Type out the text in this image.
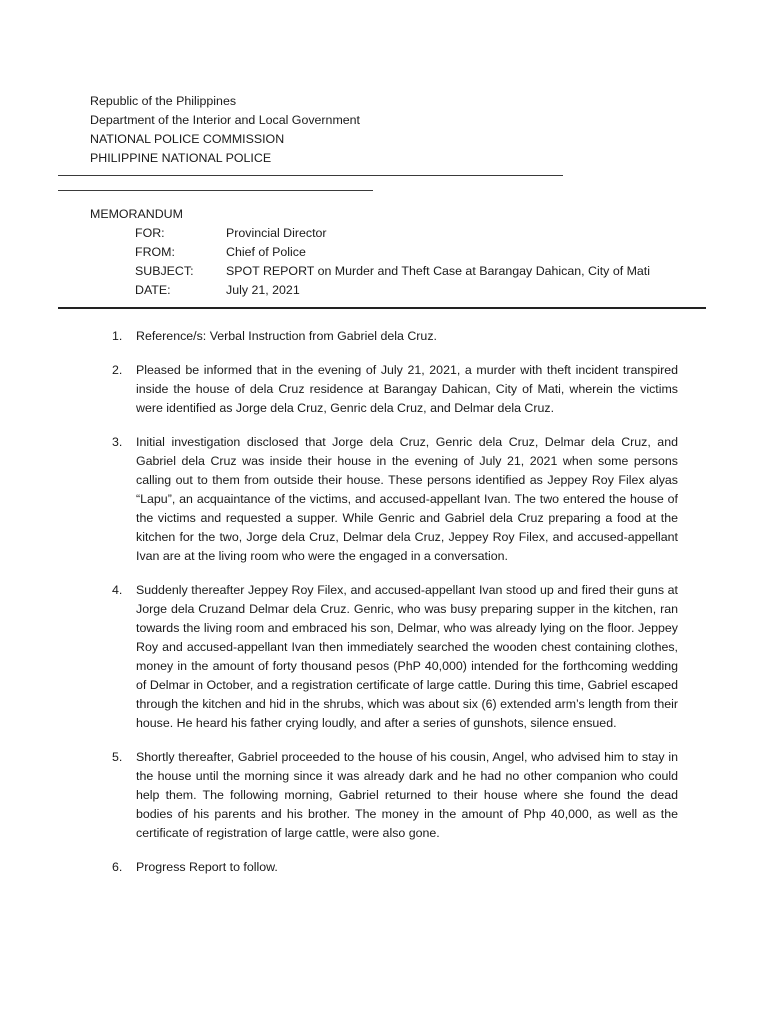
Republic of the Philippines
Department of the Interior and Local Government
NATIONAL POLICE COMMISSION
PHILIPPINE NATIONAL POLICE
MEMORANDUM
FOR:	Provincial Director
FROM:	Chief of Police
SUBJECT:	SPOT REPORT on Murder and Theft Case at Barangay Dahican, City of Mati
DATE:	July 21, 2021
1.	Reference/s: Verbal Instruction from Gabriel dela Cruz.
2.	Pleased be informed that in the evening of July 21, 2021, a murder with theft incident transpired inside the house of dela Cruz residence at Barangay Dahican, City of Mati, wherein the victims were identified as Jorge dela Cruz, Genric dela Cruz, and Delmar dela Cruz.
3.	Initial investigation disclosed that Jorge dela Cruz, Genric dela Cruz, Delmar dela Cruz, and Gabriel dela Cruz was inside their house in the evening of July 21, 2021 when some persons calling out to them from outside their house. These persons identified as Jeppey Roy Filex alyas “Lapu”, an acquaintance of the victims, and accused-appellant Ivan. The two entered the house of the victims and requested a supper. While Genric and Gabriel dela Cruz preparing a food at the kitchen for the two, Jorge dela Cruz, Delmar dela Cruz, Jeppey Roy Filex, and accused-appellant Ivan are at the living room who were the engaged in a conversation.
4.	Suddenly thereafter Jeppey Roy Filex, and accused-appellant Ivan stood up and fired their guns at Jorge dela Cruzand Delmar dela Cruz. Genric, who was busy preparing supper in the kitchen, ran towards the living room and embraced his son, Delmar, who was already lying on the floor. Jeppey Roy and accused-appellant Ivan then immediately searched the wooden chest containing clothes, money in the amount of forty thousand pesos (PhP 40,000) intended for the forthcoming wedding of Delmar in October, and a registration certificate of large cattle. During this time, Gabriel escaped through the kitchen and hid in the shrubs, which was about six (6) extended arm’s length from their house. He heard his father crying loudly, and after a series of gunshots, silence ensued.
5.	Shortly thereafter, Gabriel proceeded to the house of his cousin, Angel, who advised him to stay in the house until the morning since it was already dark and he had no other companion who could help them. The following morning, Gabriel returned to their house where she found the dead bodies of his parents and his brother. The money in the amount of Php 40,000, as well as the certificate of registration of large cattle, were also gone.
6.	Progress Report to follow.
